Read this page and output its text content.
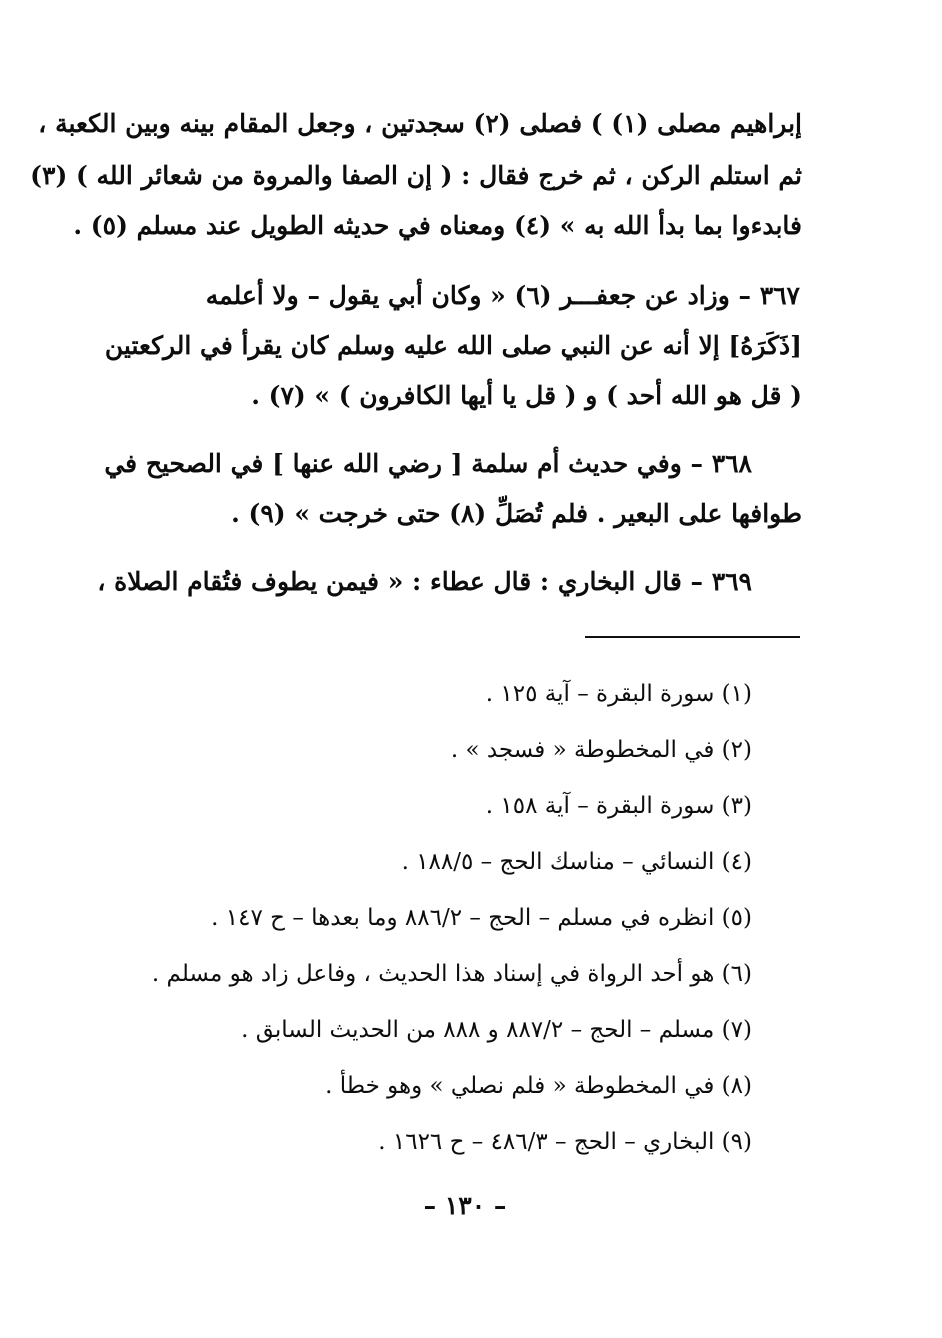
إبراهيم مصلى (١) ) فصلى (٢) سجدتين ، وجعل المقام بينه وبين الكعبة ،
ثم استلم الركن ، ثم خرج فقال : ( إن الصفا والمروة من شعائر الله ) (٣)
فابدءوا بما بدأ الله به » (٤) ومعناه في حديثه الطويل عند مسلم (٥) .
٣٦٧ – وزاد عن جعفـــر (٦) « وكان أبي يقول – ولا أعلمه
[ذَكَرَهُ] إلا أنه عن النبي صلى الله عليه وسلم كان يقرأ في الركعتين
( قل هو الله أحد ) و ( قل يا أيها الكافرون ) » (٧) .
٣٦٨ – وفي حديث أم سلمة [ رضي الله عنها ] في الصحيح في
طوافها على البعير . فلم تُصَلِّ (٨) حتى خرجت » (٩) .
٣٦٩ – قال البخاري : قال عطاء : « فيمن يطوف فتُقام الصلاة ،
(١) سورة البقرة – آية ١٢٥ .
(٢) في المخطوطة « فسجد » .
(٣) سورة البقرة – آية ١٥٨ .
(٤) النسائي – مناسك الحج – ١٨٨/٥ .
(٥) انظره في مسلم – الحج – ٨٨٦/٢ وما بعدها – ح ١٤٧ .
(٦) هو أحد الرواة في إسناد هذا الحديث ، وفاعل زاد هو مسلم .
(٧) مسلم – الحج – ٨٨٧/٢ و ٨٨٨ من الحديث السابق .
(٨) في المخطوطة « فلم نصلي » وهو خطأ .
(٩) البخاري – الحج – ٤٨٦/٣ – ح ١٦٢٦ .
– ١٣٠ –
